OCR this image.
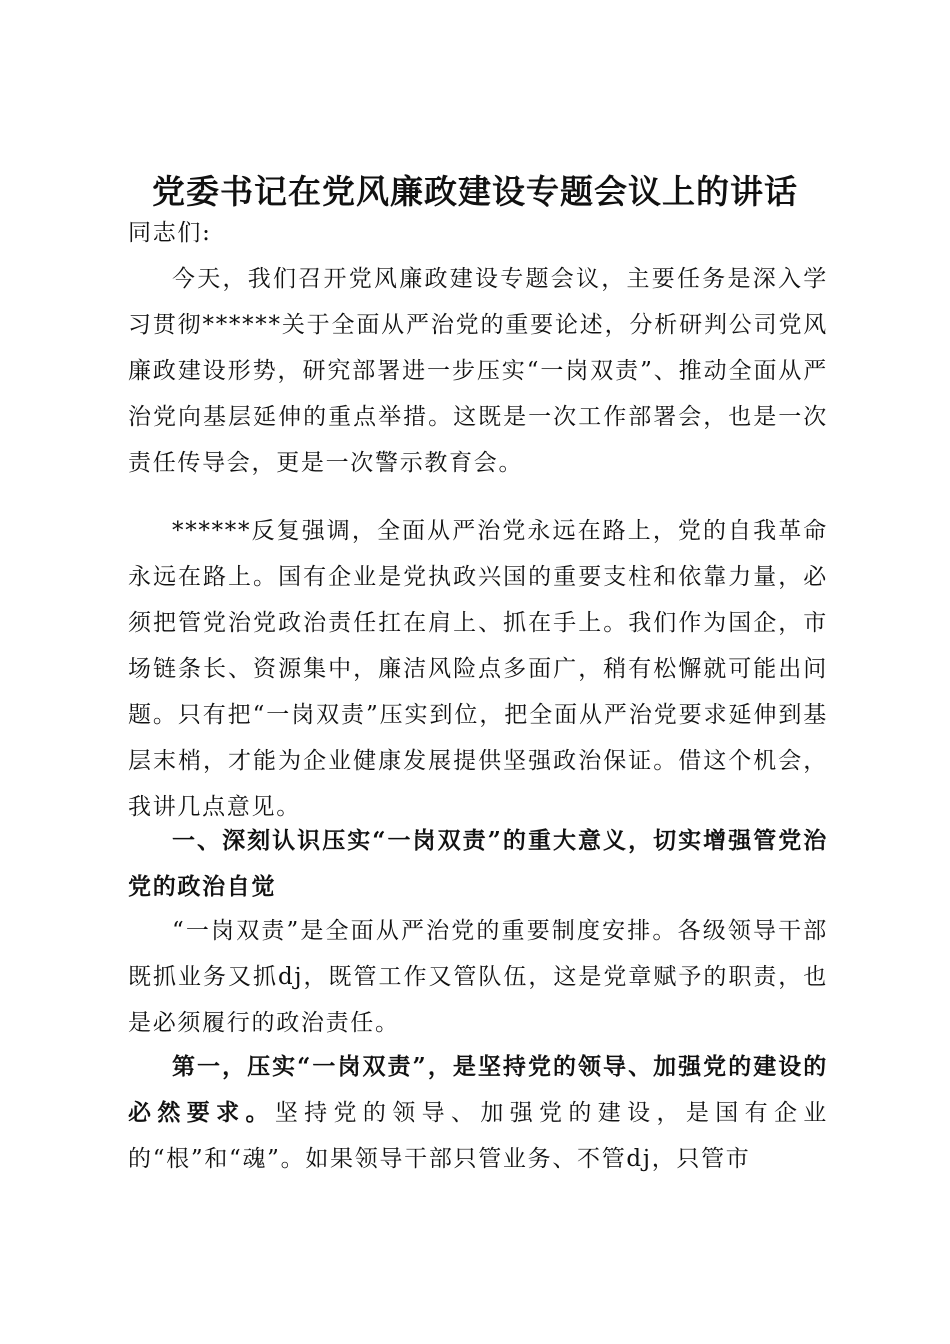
党委书记在党风廉政建设专题会议上的讲话

同志们:

今天，我们召开党风廉政建设专题会议，主要任务是深入学习贯彻******关于全面从严治党的重要论述，分析研判公司党风廉政建设形势，研究部署进一步压实“一岗双责”、推动全面从严治党向基层延伸的重点举措。这既是一次工作部署会，也是一次责任传导会，更是一次警示教育会。

******反复强调，全面从严治党永远在路上，党的自我革命永远在路上。国有企业是党执政兴国的重要支柱和依靠力量，必须把管党治党政治责任扛在肩上、抓在手上。我们作为国企，市场链条长、资源集中，廉洁风险点多面广，稍有松懈就可能出问题。只有把“一岗双责”压实到位，把全面从严治党要求延伸到基层末梢，才能为企业健康发展提供坚强政治保证。借这个机会，我讲几点意见。

一、深刻认识压实“一岗双责”的重大意义，切实增强管党治党的政治自觉

“一岗双责”是全面从严治党的重要制度安排。各级领导干部既抓业务又抓dj，既管工作又管队伍，这是党章赋予的职责，也是必须履行的政治责任。

第一，压实“一岗双责”，是坚持党的领导、加强党的建设的必然要求。坚持党的领导、加强党的建设，是国有企业的“根”和“魂”。如果领导干部只管业务、不管dj，只管市
